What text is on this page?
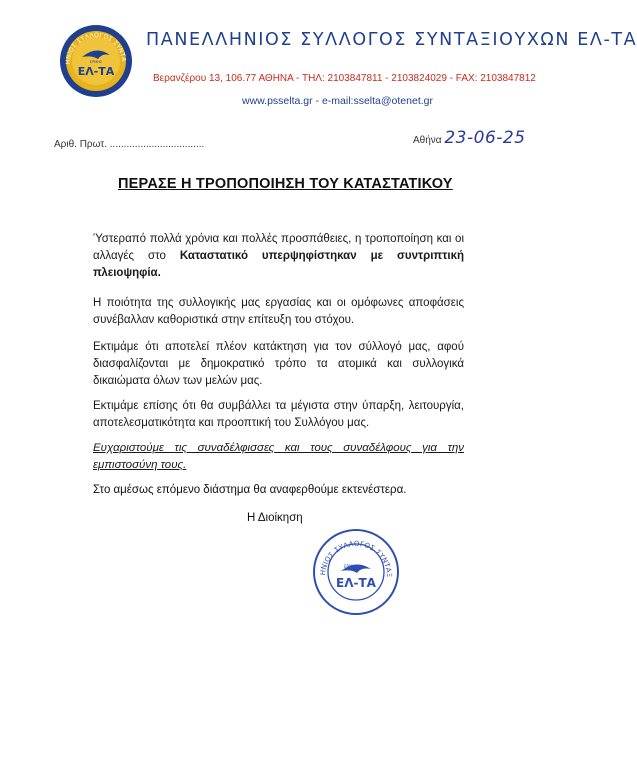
ΗΝΙΟΣ ΣΥΛΛΟΓΟΣ ΣΥΝΤΑ
ΕΡΜΗΣ
ΕΛ-ΤΑ
ΠΑΝΕΛΛΗΝΙΟΣ ΣΥΛΛΟΓΟΣ ΣΥΝΤΑΞΙΟΥΧΩΝ ΕΛ-ΤΑ
Βερανζέρου 13, 106.77 ΑΘΗΝΑ - ΤΗΛ: 2103847811 - 2103824029 - FAX: 2103847812
www.psselta.gr - e-mail:sselta@otenet.gr
Αριθ. Πρωτ. ..................................	Αθήνα 23-06-25
ΠΕΡΑΣΕ Η ΤΡΟΠΟΠΟΙΗΣΗ ΤΟΥ ΚΑΤΑΣΤΑΤΙΚΟΥ
Ύστεραπό πολλά χρόνια και πολλές προσπάθειες, η τροποποίηση και οι αλλαγές στο Καταστατικό υπερψηφίστηκαν με συντριπτική πλειοψηφία.
Η ποιότητα της συλλογικής μας εργασίας και οι ομόφωνες αποφάσεις συνέβαλλαν καθοριστικά στην επίτευξη του στόχου.
Εκτιμάμε ότι αποτελεί πλέον κατάκτηση για τον σύλλογό μας, αφού διασφαλίζονται με δημοκρατικό τρόπο τα ατομικά και συλλογικά δικαιώματα όλων των μελών μας.
Εκτιμάμε επίσης ότι θα συμβάλλει τα μέγιστα στην ύπαρξη, λειτουργία, αποτελεσματικότητα και προοπτική του Συλλόγου μας.
Ευχαριστούμε τις συναδέλφισσες και τους συναδέλφους για την εμπιστοσύνη τους.
Στο αμέσως επόμενο διάστημα θα αναφερθούμε εκτενέστερα.
Η Διοίκηση
ΗΝΙΟΣ ΣΥΛΛΟΓΟΣ ΣΥΝΤΑΞ
ΕΡΜΗΣ
ΕΛ-ΤΑ
